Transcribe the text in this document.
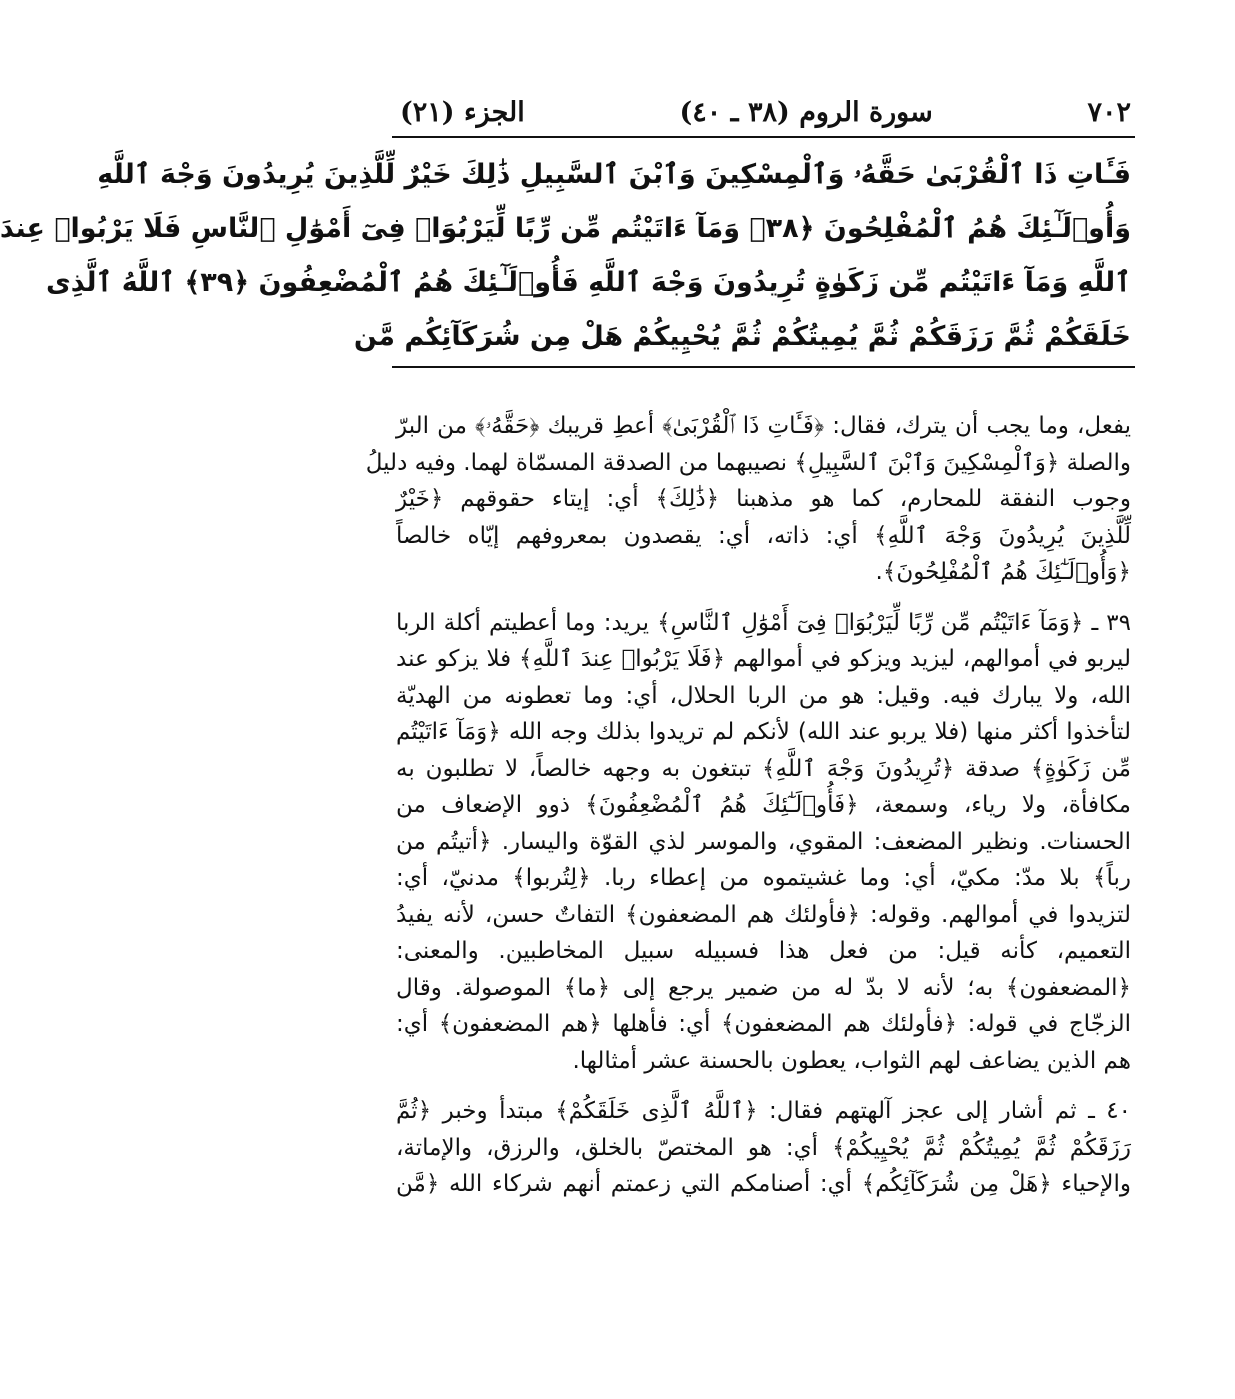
٧٠٢
سورة الروم (٣٨ ـ ٤٠)
الجزء (٢١)
فَـَٔاتِ ذَا ٱلْقُرْبَىٰ حَقَّهُۥ وَٱلْمِسْكِينَ وَٱبْنَ ٱلسَّبِيلِ ذَٰلِكَ خَيْرٌ لِّلَّذِينَ يُرِيدُونَ وَجْهَ ٱللَّهِ
وَأُو۟لَـٰٓئِكَ هُمُ ٱلْمُفْلِحُونَ ﴿٣٨﴾ وَمَآ ءَاتَيْتُم مِّن رِّبًا لِّيَرْبُوَا۟ فِىٓ أَمْوَٰلِ ٱلنَّاسِ فَلَا يَرْبُوا۟ عِندَ
ٱللَّهِ وَمَآ ءَاتَيْتُم مِّن زَكَوٰةٍ تُرِيدُونَ وَجْهَ ٱللَّهِ فَأُو۟لَـٰٓئِكَ هُمُ ٱلْمُضْعِفُونَ ﴿٣٩﴾ ٱللَّهُ ٱلَّذِى
خَلَقَكُمْ ثُمَّ رَزَقَكُمْ ثُمَّ يُمِيتُكُمْ ثُمَّ يُحْيِيكُمْ هَلْ مِن شُرَكَآئِكُم مَّن
يفعل، وما يجب أن يترك، فقال: ﴿فَـَٔاتِ ذَا ٱلْقُرْبَىٰ﴾ أعطِ قريبك ﴿حَقَّهُۥ﴾ من البرّ
والصلة ﴿وَٱلْمِسْكِينَ وَٱبْنَ ٱلسَّبِيلِ﴾ نصيبهما من الصدقة المسمّاة لهما. وفيه دليلُ
وجوب النفقة للمحارم، كما هو مذهبنا ﴿ذَٰلِكَ﴾ أي: إيتاء حقوقهم ﴿خَيْرٌ
لِّلَّذِينَ يُرِيدُونَ وَجْهَ ٱللَّهِ﴾ أي: ذاته، أي: يقصدون بمعروفهم إيّاه خالصاً
﴿وَأُو۟لَـٰٓئِكَ هُمُ ٱلْمُفْلِحُونَ﴾.
٣٩ ـ ﴿وَمَآ ءَاتَيْتُم مِّن رِّبًا لِّيَرْبُوَا۟ فِىٓ أَمْوَٰلِ ٱلنَّاسِ﴾ يريد: وما أعطيتم أكلة الربا
ليربو في أموالهم، ليزيد ويزكو في أموالهم ﴿فَلَا يَرْبُوا۟ عِندَ ٱللَّهِ﴾ فلا يزكو عند
الله، ولا يبارك فيه. وقيل: هو من الربا الحلال، أي: وما تعطونه من الهديّة
لتأخذوا أكثر منها (فلا يربو عند الله) لأنكم لم تريدوا بذلك وجه الله ﴿وَمَآ ءَاتَيْتُم
مِّن زَكَوٰةٍ﴾ صدقة ﴿تُرِيدُونَ وَجْهَ ٱللَّهِ﴾ تبتغون به وجهه خالصاً، لا تطلبون به
مكافأة، ولا رياء، وسمعة، ﴿فَأُو۟لَـٰٓئِكَ هُمُ ٱلْمُضْعِفُونَ﴾ ذوو الإضعاف من
الحسنات. ونظير المضعف: المقوي، والموسر لذي القوّة واليسار. ﴿أتيتُم من
رباً﴾ بلا مدّ: مكيّ، أي: وما غشيتموه من إعطاء ربا. ﴿لِتُربوا﴾ مدنيّ، أي:
لتزيدوا في أموالهم. وقوله: ﴿فأولئك هم المضعفون﴾ التفاتٌ حسن، لأنه يفيدُ
التعميم، كأنه قيل: من فعل هذا فسبيله سبيل المخاطبين. والمعنى:
﴿المضعفون﴾ به؛ لأنه لا بدّ له من ضمير يرجع إلى ﴿ما﴾ الموصولة. وقال
الزجّاج في قوله: ﴿فأولئك هم المضعفون﴾ أي: فأهلها ﴿هم المضعفون﴾ أي:
هم الذين يضاعف لهم الثواب، يعطون بالحسنة عشر أمثالها.
٤٠ ـ ثم أشار إلى عجز آلهتهم فقال: ﴿ٱللَّهُ ٱلَّذِى خَلَقَكُمْ﴾ مبتدأ وخبر ﴿ثُمَّ
رَزَقَكُمْ ثُمَّ يُمِيتُكُمْ ثُمَّ يُحْيِيكُمْ﴾ أي: هو المختصّ بالخلق، والرزق، والإماتة،
والإحياء ﴿هَلْ مِن شُرَكَآئِكُم﴾ أي: أصنامكم التي زعمتم أنهم شركاء الله ﴿مَّن
